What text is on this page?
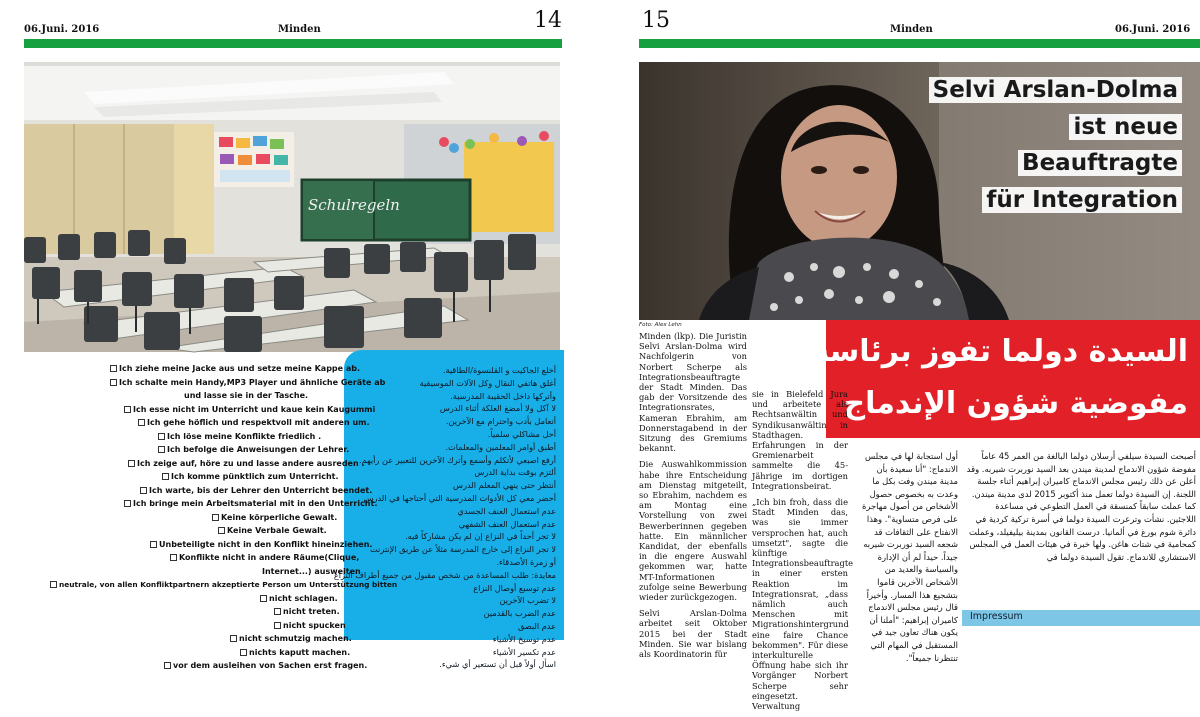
06.Juni. 2016	Minden	14
Schulregeln
Ich ziehe meine Jacke aus und setze meine Kappe ab.
Ich schalte mein Handy,MP3 Player und ähnliche Geräte ab
und lasse sie in der Tasche.
Ich esse nicht im Unterricht und kaue kein Kaugummi
Ich gehe höflich und respektvoll mit anderen um.
Ich löse meine Konflikte friedlich .
Ich befolge die Anweisungen der Lehrer.
Ich zeige auf, höre zu und lasse andere ausreden .
Ich komme pünktlich zum Unterricht.
Ich warte, bis der Lehrer den Unterricht beendet.
Ich bringe mein Arbeitsmaterial mit in den Unterricht.
Keine körperliche Gewalt.
Keine Verbale Gewalt.
Unbeteiligte nicht in den Konflikt hineinziehen.
Konflikte nicht in andere Räume(Clique,
Internet...) ausweiten
neutrale, von allen Konfliktpartnern akzeptierte Person um Unterstützung bitten
nicht schlagen.
nicht treten.
nicht spucken
nicht schmutzig machen.
nichts kaputt machen.
vor dem ausleihen von Sachen erst fragen.
أخلع الجاكيت و القلنسوة/الطاقية.
أغلق هاتفي النقال وكل الآلات الموسيقية
وأتركها داخل الحقيبة المدرسية.
لا آكل ولا أمضغ العلكة أثناء الدرس
أتعامل بأدب واحترام مع الآخرين.
أحل مشاكلي سلمياً.
أطبق أوامر المعلمين والمعلمات.
أرفع اصبعي لأتكلم وأسمع وأترك الآخرين للتعبير عن رأيهم.
ألتزم بوقت بداية الدرس
أنتظر حتى ينهي المعلم الدرس
أحضر معي كل الأدوات المدرسية التي أحتاجها في الدرس
عدم استعمال العنف الجسدي
عدم استعمال العنف الشفهي
لا تجر أحداً في النزاع إن لم يكن مشاركاً فيه.
لا تجر النزاع إلى خارج المدرسة مثلاً عن طريق الإنترنت
أو زمرة الأصدقاء.
معايدة: طلب المساعدة من شخص مقبول من جميع أطراف النزاع
عدم توسيع أوصال النزاع
لا تضرب الآخرين
عدم الضرب بالقدمين
عدم البصق
عدم توسيخ الأشياء
عدم تكسير الأشياء
اسأل أولاً قبل أن تستعير أي شيء.
15	Minden	06.Juni. 2016
Selvi Arslan-Dolma
ist neue
Beauftragte
für Integration
Foto: Alex Lehn
السيدة دولما تفوز برئاسة
مفوضية شؤون الإندماج

Minden (lkp). Die Juristin Selvi Arslan-Dolma wird Nachfolgerin von Norbert Scherpe als Integrationsbeauftragte der Stadt Minden. Das gab der Vorsitzende des Integrationsrates, Kameran Ebrahim, am Donnerstagabend in der Sitzung des Gremiums bekannt.

Die Auswahlkommission habe ihre Entscheidung am Dienstag mitgeteilt, so Ebrahim, nachdem es am Montag eine Vorstellung von zwei Bewerberinnen gegeben hatte. Ein männlicher Kandidat, der ebenfalls in die engere Auswahl gekommen war, hatte MT-Informationen zufolge seine Bewerbung wieder zurückgezogen.

Selvi Arslan-Dolma arbeitet seit Oktober 2015 bei der Stadt Minden. Sie war bislang als Koordinatorin für

sie in Bielefeld Jura und arbeitete als Rechtsanwältin und Syndikusanwältin in Stadthagen. Erfahrungen in der Gremienarbeit sammelte die 45-Jährige im dortigen Integrationsbeirat.

„Ich bin froh, dass die Stadt Minden das, was sie immer versprochen hat, auch umsetzt", sagte die künftige Integrationsbeauftragte in einer ersten Reaktion im Integrationsrat, „dass nämlich auch Menschen mit Migrationshintergrund eine faire Chance bekommen". Für diese interkulturelle Öffnung habe sich ihr Vorgänger Norbert Scherpe sehr eingesetzt. Verwaltung

أول استجابة لها في مجلس الاندماج: "أنا سعيدة بأن مدينة ميندن وفت بكل ما وعدت به بخصوص حصول الأشخاص من أصول مهاجرة على فرص متساوية". وهذا الانفتاح على الثقافات قد شجعه السيد نوربرت شيربه جيداً. حيداً لم أن الإدارة والسياسة والعديد من الأشخاص الآخرين قاموا بتشجيع هذا المسار. وأخيراً قال رئيس مجلس الاندماج كاميران إبراهيم: "أملنا أن يكون هناك تعاون جيد في المستقبل في المهام التي تنتظرنا جميعاً".
أصبحت السيدة سيلفي أرسلان دولما البالغة من العمر 45 عاماً مفوضة شؤون الاندماج لمدينة ميندن بعد السيد نوربرت شيربه. وقد أعلن عن ذلك رئيس مجلس الاندماج كاميران إبراهيم أثناء جلسة اللجنة. إن السيدة دولما تعمل منذ أكتوبر 2015 لدى مدينة ميندن. كما عملت سابقاً كمنسقة في العمل التطوعي في مساعدة اللاجئين. نشأت وترعرت السيدة دولما في أسرة تركية كردية في دائرة شوم بورغ في ألمانيا. درست القانون بمدينة بيليفيلد، وعملت كمحامية في شتات هاغن. ولها خبرة في هيئات العمل في المجلس الاستشاري للاندماج. تقول السيدة دولما في
Impressum
